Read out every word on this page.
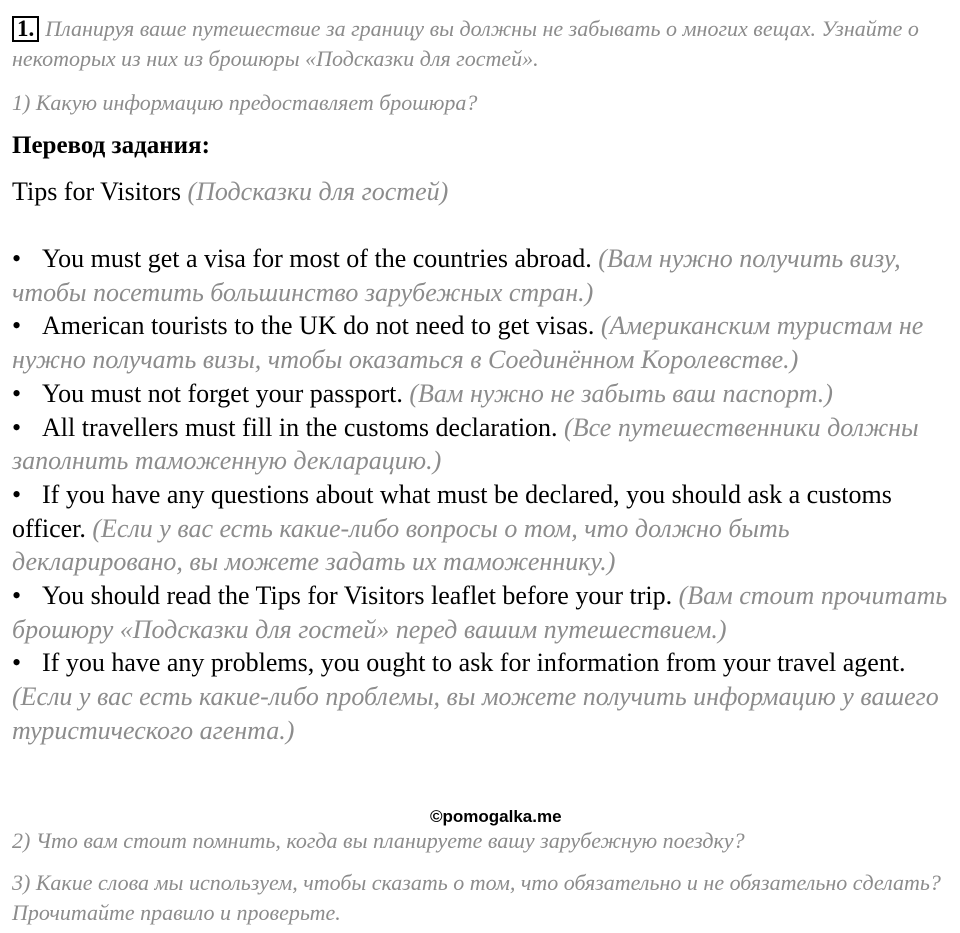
1. Планируя ваше путешествие за границу вы должны не забывать о многих вещах. Узнайте о некоторых из них из брошюры «Подсказки для гостей».
1) Какую информацию предоставляет брошюра?
Перевод задания:
Tips for Visitors (Подсказки для гостей)
•You must get a visa for most of the countries abroad. (Вам нужно получить визу, чтобы посетить большинство зарубежных стран.)
•American tourists to the UK do not need to get visas. (Американским туристам не нужно получать визы, чтобы оказаться в Соединённом Королевстве.)
•You must not forget your passport. (Вам нужно не забыть ваш паспорт.)
•All travellers must fill in the customs declaration. (Все путешественники должны заполнить таможенную декларацию.)
•If you have any questions about what must be declared, you should ask a customs officer. (Если у вас есть какие-либо вопросы о том, что должно быть декларировано, вы можете задать их таможеннику.)
•You should read the Tips for Visitors leaflet before your trip. (Вам стоит прочитать брошюру «Подсказки для гостей» перед вашим путешествием.)
•If you have any problems, you ought to ask for information from your travel agent. (Если у вас есть какие-либо проблемы, вы можете получить информацию у вашего туристического агента.)
©pomogalka.me
2) Что вам стоит помнить, когда вы планируете вашу зарубежную поездку?
3) Какие слова мы используем, чтобы сказать о том, что обязательно и не обязательно сделать? Прочитайте правило и проверьте.
